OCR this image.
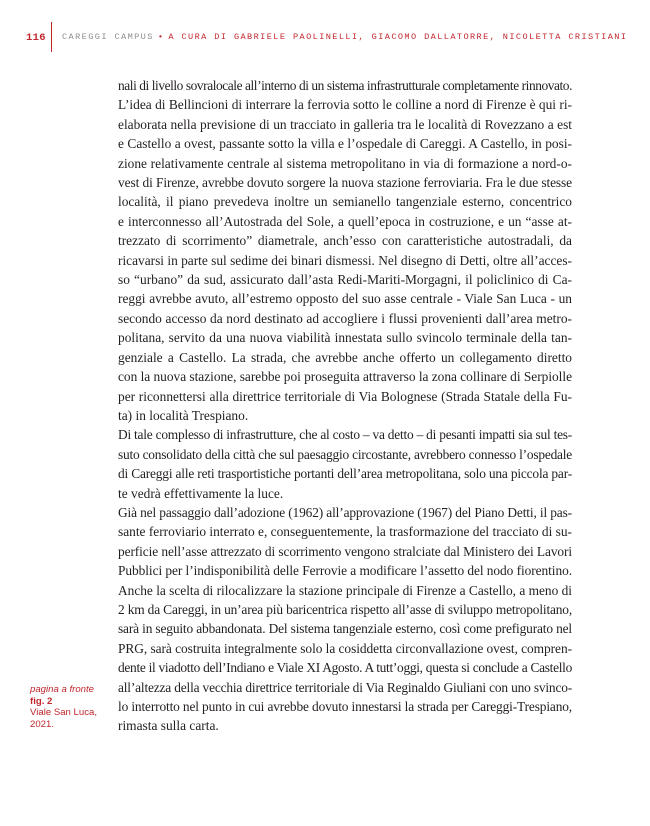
116 CAREGGI CAMPUS • A CURA DI GABRIELE PAOLINELLI, GIACOMO DALLATORRE, NICOLETTA CRISTIANI

nali di livello sovralocale all’interno di un sistema infrastrutturale completamente rinnovato.

L’idea di Bellincioni di interrare la ferrovia sotto le colline a nord di Firenze è qui ri-
elaborata nella previsione di un tracciato in galleria tra le località di Rovezzano a est
e Castello a ovest, passante sotto la villa e l’ospedale di Careggi. A Castello, in posi-
zione relativamente centrale al sistema metropolitano in via di formazione a nord-o-
vest di Firenze, avrebbe dovuto sorgere la nuova stazione ferroviaria. Fra le due stesse
località, il piano prevedeva inoltre un semianello tangenziale esterno, concentrico
e interconnesso all’Autostrada del Sole, a quell’epoca in costruzione, e un “asse at-
trezzato di scorrimento” diametrale, anch’esso con caratteristiche autostradali, da
ricavarsi in parte sul sedime dei binari dismessi. Nel disegno di Detti, oltre all’acces-
so “urbano” da sud, assicurato dall’asta Redi-Mariti-Morgagni, il policlinico di Ca-
reggi avrebbe avuto, all’estremo opposto del suo asse centrale - Viale San Luca - un
secondo accesso da nord destinato ad accogliere i flussi provenienti dall’area metro-
politana, servito da una nuova viabilità innestata sullo svincolo terminale della tan-
genziale a Castello. La strada, che avrebbe anche offerto un collegamento diretto
con la nuova stazione, sarebbe poi proseguita attraverso la zona collinare di Serpiolle
per riconnettersi alla direttrice territoriale di Via Bolognese (Strada Statale della Fu-
ta) in località Trespiano.

Di tale complesso di infrastrutture, che al costo – va detto – di pesanti impatti sia sul tes-
suto consolidato della città che sul paesaggio circostante, avrebbero connesso l’ospedale
di Careggi alle reti trasportistiche portanti dell’area metropolitana, solo una piccola par-
te vedrà effettivamente la luce.

Già nel passaggio dall’adozione (1962) all’approvazione (1967) del Piano Detti, il pas-
sante ferroviario interrato e, conseguentemente, la trasformazione del tracciato di su-
perficie nell’asse attrezzato di scorrimento vengono stralciate dal Ministero dei Lavori
Pubblici per l’indisponibilità delle Ferrovie a modificare l’assetto del nodo fiorentino.
Anche la scelta di rilocalizzare la stazione principale di Firenze a Castello, a meno di
2 km da Careggi, in un’area più baricentrica rispetto all’asse di sviluppo metropolitano,
sarà in seguito abbandonata. Del sistema tangenziale esterno, così come prefigurato nel
PRG, sarà costruita integralmente solo la cosiddetta circonvallazione ovest, compren-
dente il viadotto dell’Indiano e Viale XI Agosto. A tutt’oggi, questa si conclude a Castello
all’altezza della vecchia direttrice territoriale di Via Reginaldo Giuliani con uno svinco-
lo interrotto nel punto in cui avrebbe dovuto innestarsi la strada per Careggi-Trespiano,
rimasta sulla carta.

pagina a fronte
fig. 2
Viale San Luca, 2021.
